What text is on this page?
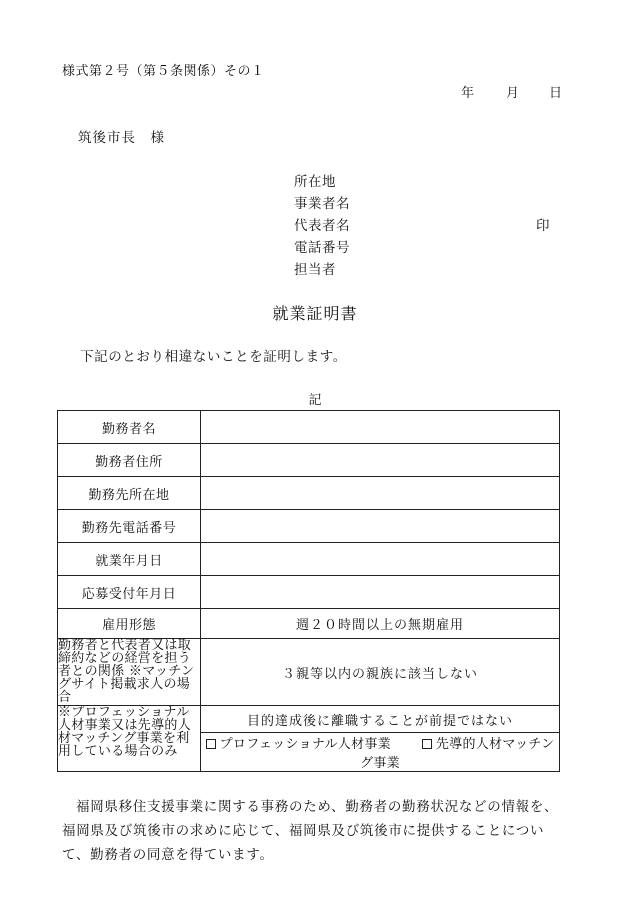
様式第２号（第５条関係）その１
年 月 日
筑後市長　様
所在地
事業者名
代表者名	印
電話番号
担当者
就業証明書
下記のとおり相違ないことを証明します。
記
勤務者名	
勤務者住所	
勤務先所在地	
勤務先電話番号	
就業年月日	
応募受付年月日	
雇用形態	週２０時間以上の無期雇用
勤務者と代表者又は取締約などの経営を担う者との関係 ※マッチングサイト掲載求人の場合	３親等以内の親族に該当しない
※プロフェッショナル人材事業又は先導的人材マッチング事業を利用している場合のみ	目的達成後に離職することが前提ではない
	プロフェッショナル人材事業 先導的人材マッチング事業
福岡県移住支援事業に関する事務のため、勤務者の勤務状況などの情報を、福岡県及び筑後市の求めに応じて、福岡県及び筑後市に提供することについて、勤務者の同意を得ています。
